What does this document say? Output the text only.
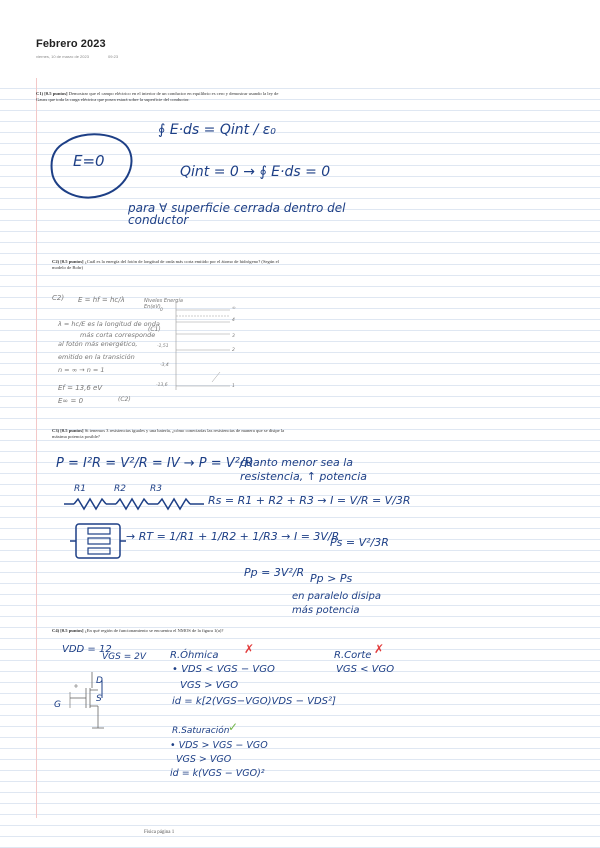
Febrero 2023
viernes, 10 de marzo de 2023	09:23
C1) [0.5 puntos] Demostrar que el campo eléctrico en el interior de un conductor en equilibrio es cero y demostrar usando la ley de Gauss que toda la carga eléctrica que posea estará sobre la superficie del conductor.
E=0
∮ E·ds = Qint / ε₀
Qint = 0 → ∮ E·ds = 0
para ∀ superficie cerrada dentro del conductor
C2) [0.5 puntos] ¿Cuál es la energía del fotón de longitud de onda más corta emitido por el átomo de hidrógeno? (Según el modelo de Bohr)
C2) E = hf = hc/λ
λ = hc/E es la longitud de onda
más corta corresponde
al fotón más energético,
emitido en la transición
n = ∞ → n = 1
Ef = 13,6 eV
E∞ = 0	(C2)
(C1)
Niveles Energía En(eV)
0
-1,51
-3,4
-13,6
∞
4
3
2
1
C3) [0.5 puntos] Si tenemos 3 resistencias iguales y una batería, ¿cómo conectarías las resistencias de manera que se disipe la máxima potencia posible?
P = I²R = V²/R = IV → P = V²/R
cuanto menor sea la resistencia, ↑ potencia
R1	R2	R3
Rs = R1 + R2 + R3 → I = V/R = V/3R
→ RT = 1/R1 + 1/R2 + 1/R3 → I = 3V/R
Ps = V²/3R
Pp = 3V²/R Pp > Ps
en paralelo disipa más potencia
C4) [0.5 puntos] ¿En qué región de funcionamiento se encuentra el NMOS de la figura 1(a)?
VDD = 12
VGS = 2V
D
S
G
R.Óhmica ✗
• VDS < VGS − VGO
VGS > VGO
id = k[2(VGS−VGO)VDS − VDS²]
R.Corte ✗
VGS < VGO
R.Saturación
✓
• VDS > VGS − VGO
VGS > VGO
id = k(VGS − VGO)²
Física página 1
